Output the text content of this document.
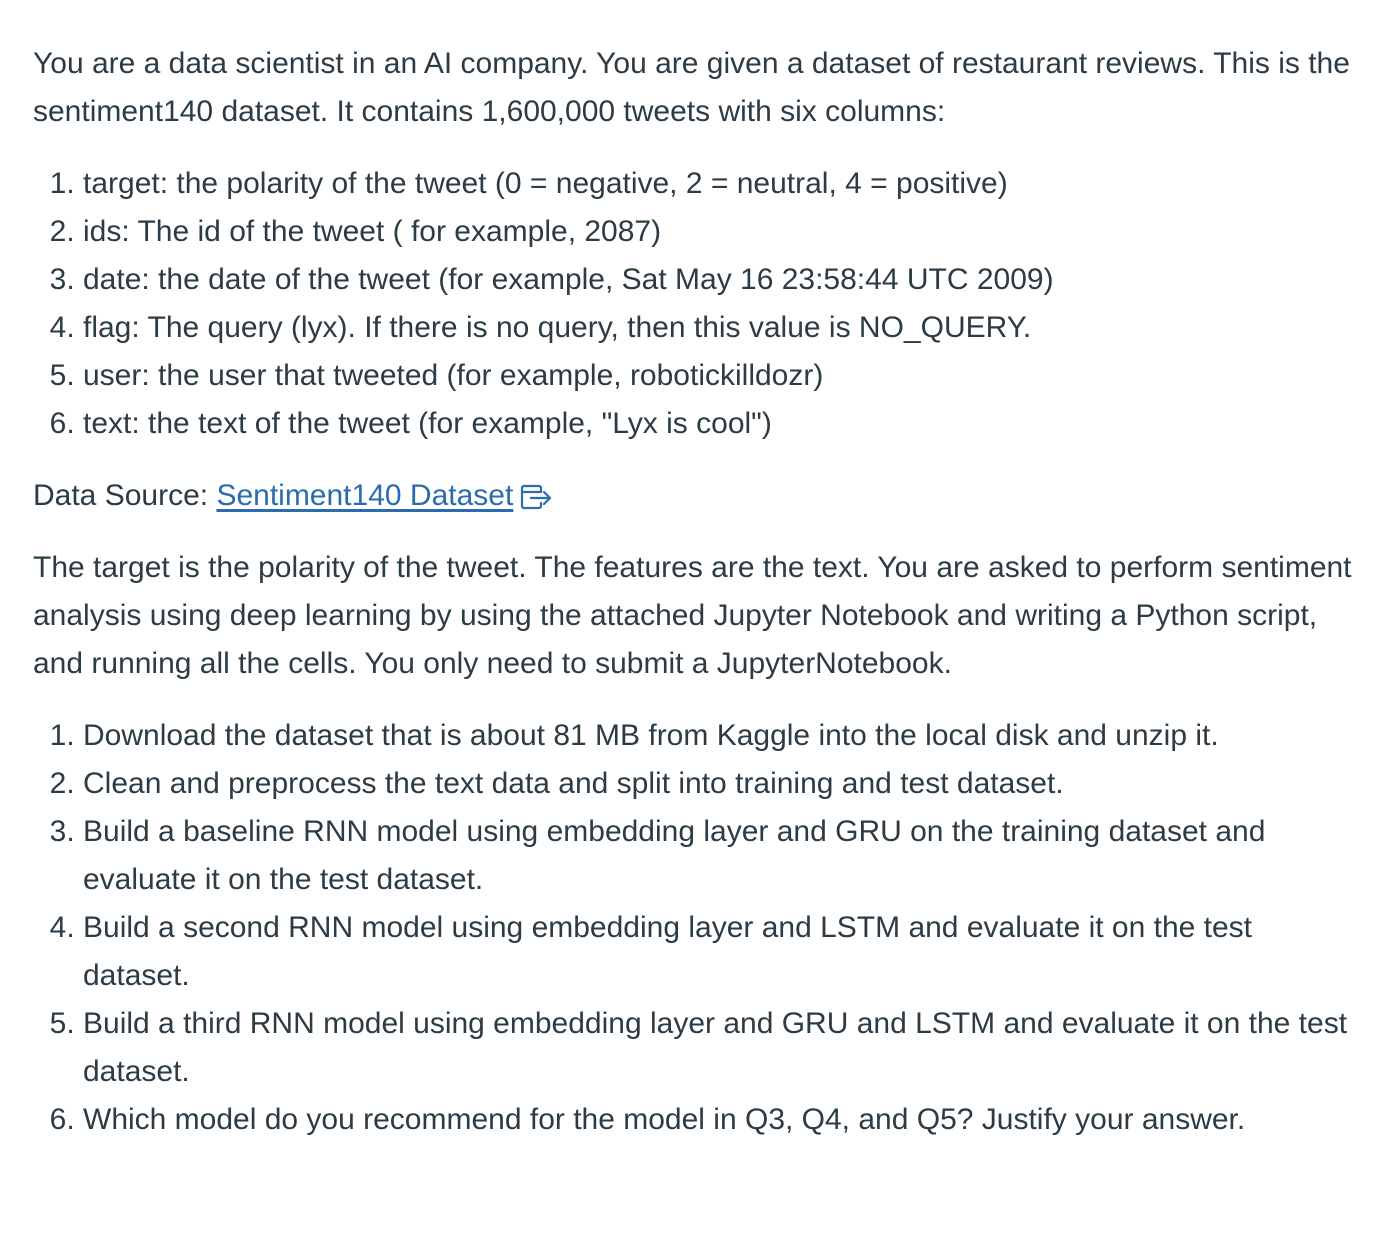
You are a data scientist in an AI company. You are given a dataset of restaurant reviews. This is the sentiment140 dataset. It contains 1,600,000 tweets with six columns:

1. target: the polarity of the tweet (0 = negative, 2 = neutral, 4 = positive)
2. ids: The id of the tweet ( for example, 2087)
3. date: the date of the tweet (for example, Sat May 16 23:58:44 UTC 2009)
4. flag: The query (lyx). If there is no query, then this value is NO_QUERY.
5. user: the user that tweeted (for example, robotickilldozr)
6. text: the text of the tweet (for example, "Lyx is cool")

Data Source: Sentiment140 Dataset

The target is the polarity of the tweet. The features are the text. You are asked to perform sentiment analysis using deep learning by using the attached Jupyter Notebook and writing a Python script, and running all the cells. You only need to submit a JupyterNotebook.

1. Download the dataset that is about 81 MB from Kaggle into the local disk and unzip it.
2. Clean and preprocess the text data and split into training and test dataset.
3. Build a baseline RNN model using embedding layer and GRU on the training dataset and evaluate it on the test dataset.
4. Build a second RNN model using embedding layer and LSTM and evaluate it on the test dataset.
5. Build a third RNN model using embedding layer and GRU and LSTM and evaluate it on the test dataset.
6. Which model do you recommend for the model in Q3, Q4, and Q5? Justify your answer.
